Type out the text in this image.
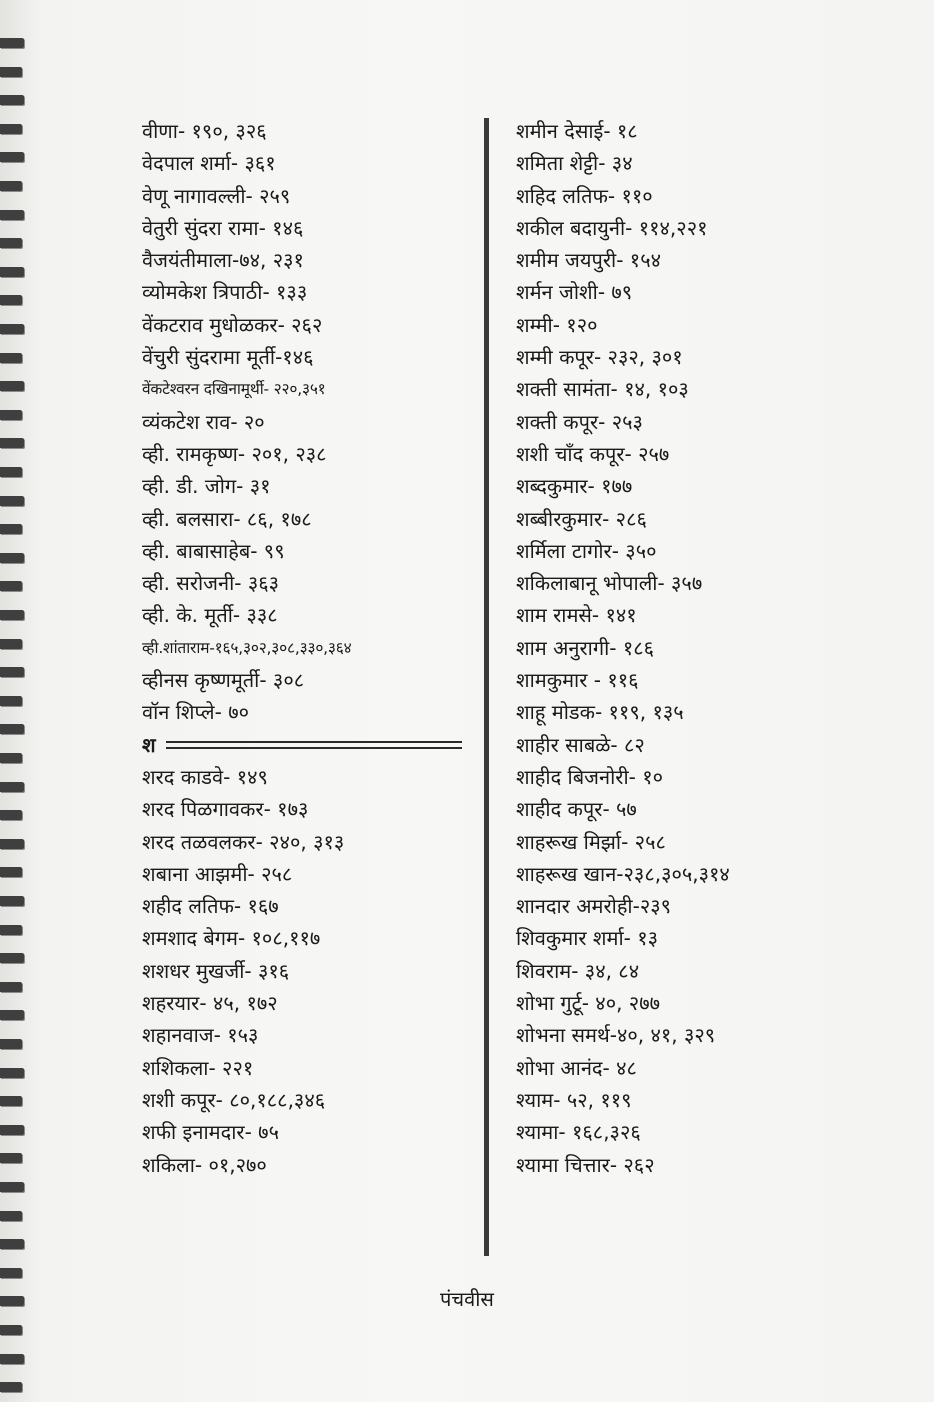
वीणा- १९०, ३२६
वेदपाल शर्मा- ३६१
वेणू नागावल्ली- २५९
वेतुरी सुंदरा रामा- १४६
वैजयंतीमाला-७४, २३१
व्योमकेश त्रिपाठी- १३३
वेंकटराव मुधोळकर- २६२
वेंचुरी सुंदरामा मूर्ती-१४६
वेंकटेश्वरन दखिनामूर्थी- २२०,३५१
व्यंकटेश राव- २०
व्ही. रामकृष्ण- २०१, २३८
व्ही. डी. जोग- ३१
व्ही. बलसारा- ८६, १७८
व्ही. बाबासाहेब- ९९
व्ही. सरोजनी- ३६३
व्ही. के. मूर्ती- ३३८
व्ही.शांताराम-१६५,३०२,३०८,३३०,३६४
व्हीनस कृष्णमूर्ती- ३०८
वॉन शिप्ले- ७०
श
शरद काडवे- १४९
शरद पिळगावकर- १७३
शरद तळवलकर- २४०, ३१३
शबाना आझमी- २५८
शहीद लतिफ- १६७
शमशाद बेगम- १०८,११७
शशधर मुखर्जी- ३१६
शहरयार- ४५, १७२
शहानवाज- १५३
शशिकला- २२१
शशी कपूर- ८०,१८८,३४६
शफी इनामदार- ७५
शकिला- ०१,२७०
शमीन देसाई- १८
शमिता शेट्टी- ३४
शहिद लतिफ- ११०
शकील बदायुनी- ११४,२२१
शमीम जयपुरी- १५४
शर्मन जोशी- ७९
शम्मी- १२०
शम्मी कपूर- २३२, ३०१
शक्ती सामंता- १४, १०३
शक्ती कपूर- २५३
शशी चाँद कपूर- २५७
शब्दकुमार- १७७
शब्बीरकुमार- २८६
शर्मिला टागोर- ३५०
शकिलाबानू भोपाली- ३५७
शाम रामसे- १४१
शाम अनुरागी- १८६
शामकुमार - ११६
शाहू मोडक- ११९, १३५
शाहीर साबळे- ८२
शाहीद बिजनोरी- १०
शाहीद कपूर- ५७
शाहरूख मिर्झा- २५८
शाहरूख खान-२३८,३०५,३१४
शानदार अमरोही-२३९
शिवकुमार शर्मा- १३
शिवराम- ३४, ८४
शोभा गुर्टू- ४०, २७७
शोभना समर्थ-४०, ४१, ३२९
शोभा आनंद- ४८
श्याम- ५२, ११९
श्यामा- १६८,३२६
श्यामा चित्तार- २६२
पंचवीस
